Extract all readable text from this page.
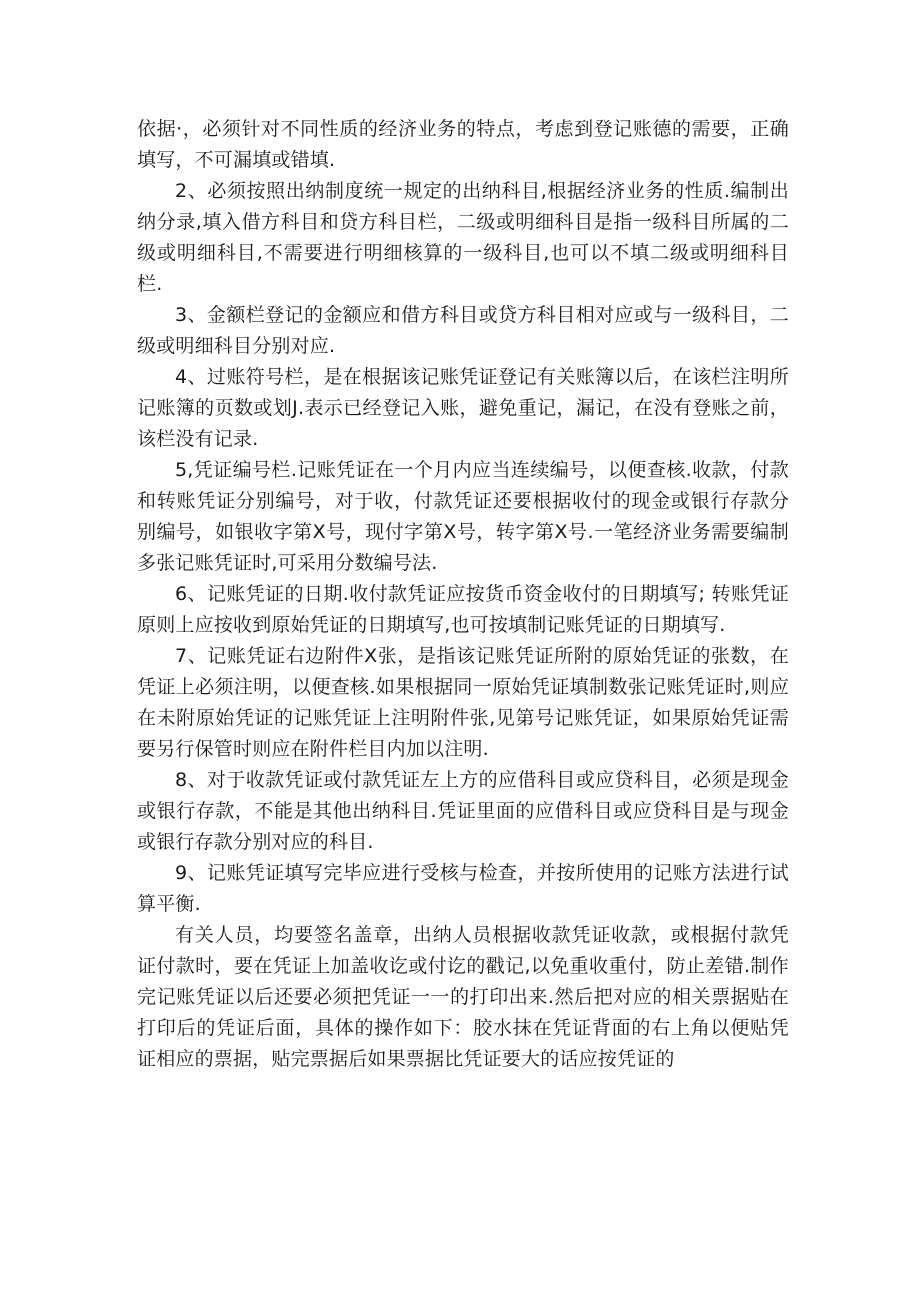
依据·，必须针对不同性质的经济业务的特点，考虑到登记账德的需要，正确填写，不可漏填或错填.

2、必须按照出纳制度统一规定的出纳科目,根据经济业务的性质.编制出纳分录,填入借方科目和贷方科目栏，二级或明细科目是指一级科目所属的二级或明细科目,不需要进行明细核算的一级科目,也可以不填二级或明细科目栏.

3、金额栏登记的金额应和借方科目或贷方科目相对应或与一级科目，二级或明细科目分别对应.

4、过账符号栏，是在根据该记账凭证登记有关账簿以后，在该栏注明所记账簿的页数或划J.表示已经登记入账，避免重记，漏记，在没有登账之前，该栏没有记录.

5,凭证编号栏.记账凭证在一个月内应当连续编号，以便查核.收款，付款和转账凭证分别编号，对于收，付款凭证还要根据收付的现金或银行存款分别编号，如银收字第X号，现付字第X号，转字第X号.一笔经济业务需要编制多张记账凭证时,可采用分数编号法.

6、记账凭证的日期.收付款凭证应按货币资金收付的日期填写; 转账凭证原则上应按收到原始凭证的日期填写,也可按填制记账凭证的日期填写.

7、记账凭证右边附件X张，是指该记账凭证所附的原始凭证的张数，在凭证上必须注明，以便查核.如果根据同一原始凭证填制数张记账凭证时,则应在未附原始凭证的记账凭证上注明附件张,见第号记账凭证，如果原始凭证需要另行保管时则应在附件栏目内加以注明.

8、对于收款凭证或付款凭证左上方的应借科目或应贷科目，必须是现金或银行存款，不能是其他出纳科目.凭证里面的应借科目或应贷科目是与现金或银行存款分别对应的科目.

9、记账凭证填写完毕应进行受核与检查，并按所使用的记账方法进行试算平衡.

有关人员，均要签名盖章，出纳人员根据收款凭证收款，或根据付款凭证付款时，要在凭证上加盖收讫或付讫的戳记,以免重收重付，防止差错.制作完记账凭证以后还要必须把凭证一一的打印出来.然后把对应的相关票据贴在打印后的凭证后面，具体的操作如下：胶水抹在凭证背面的右上角以便贴凭证相应的票据，贴完票据后如果票据比凭证要大的话应按凭证的
